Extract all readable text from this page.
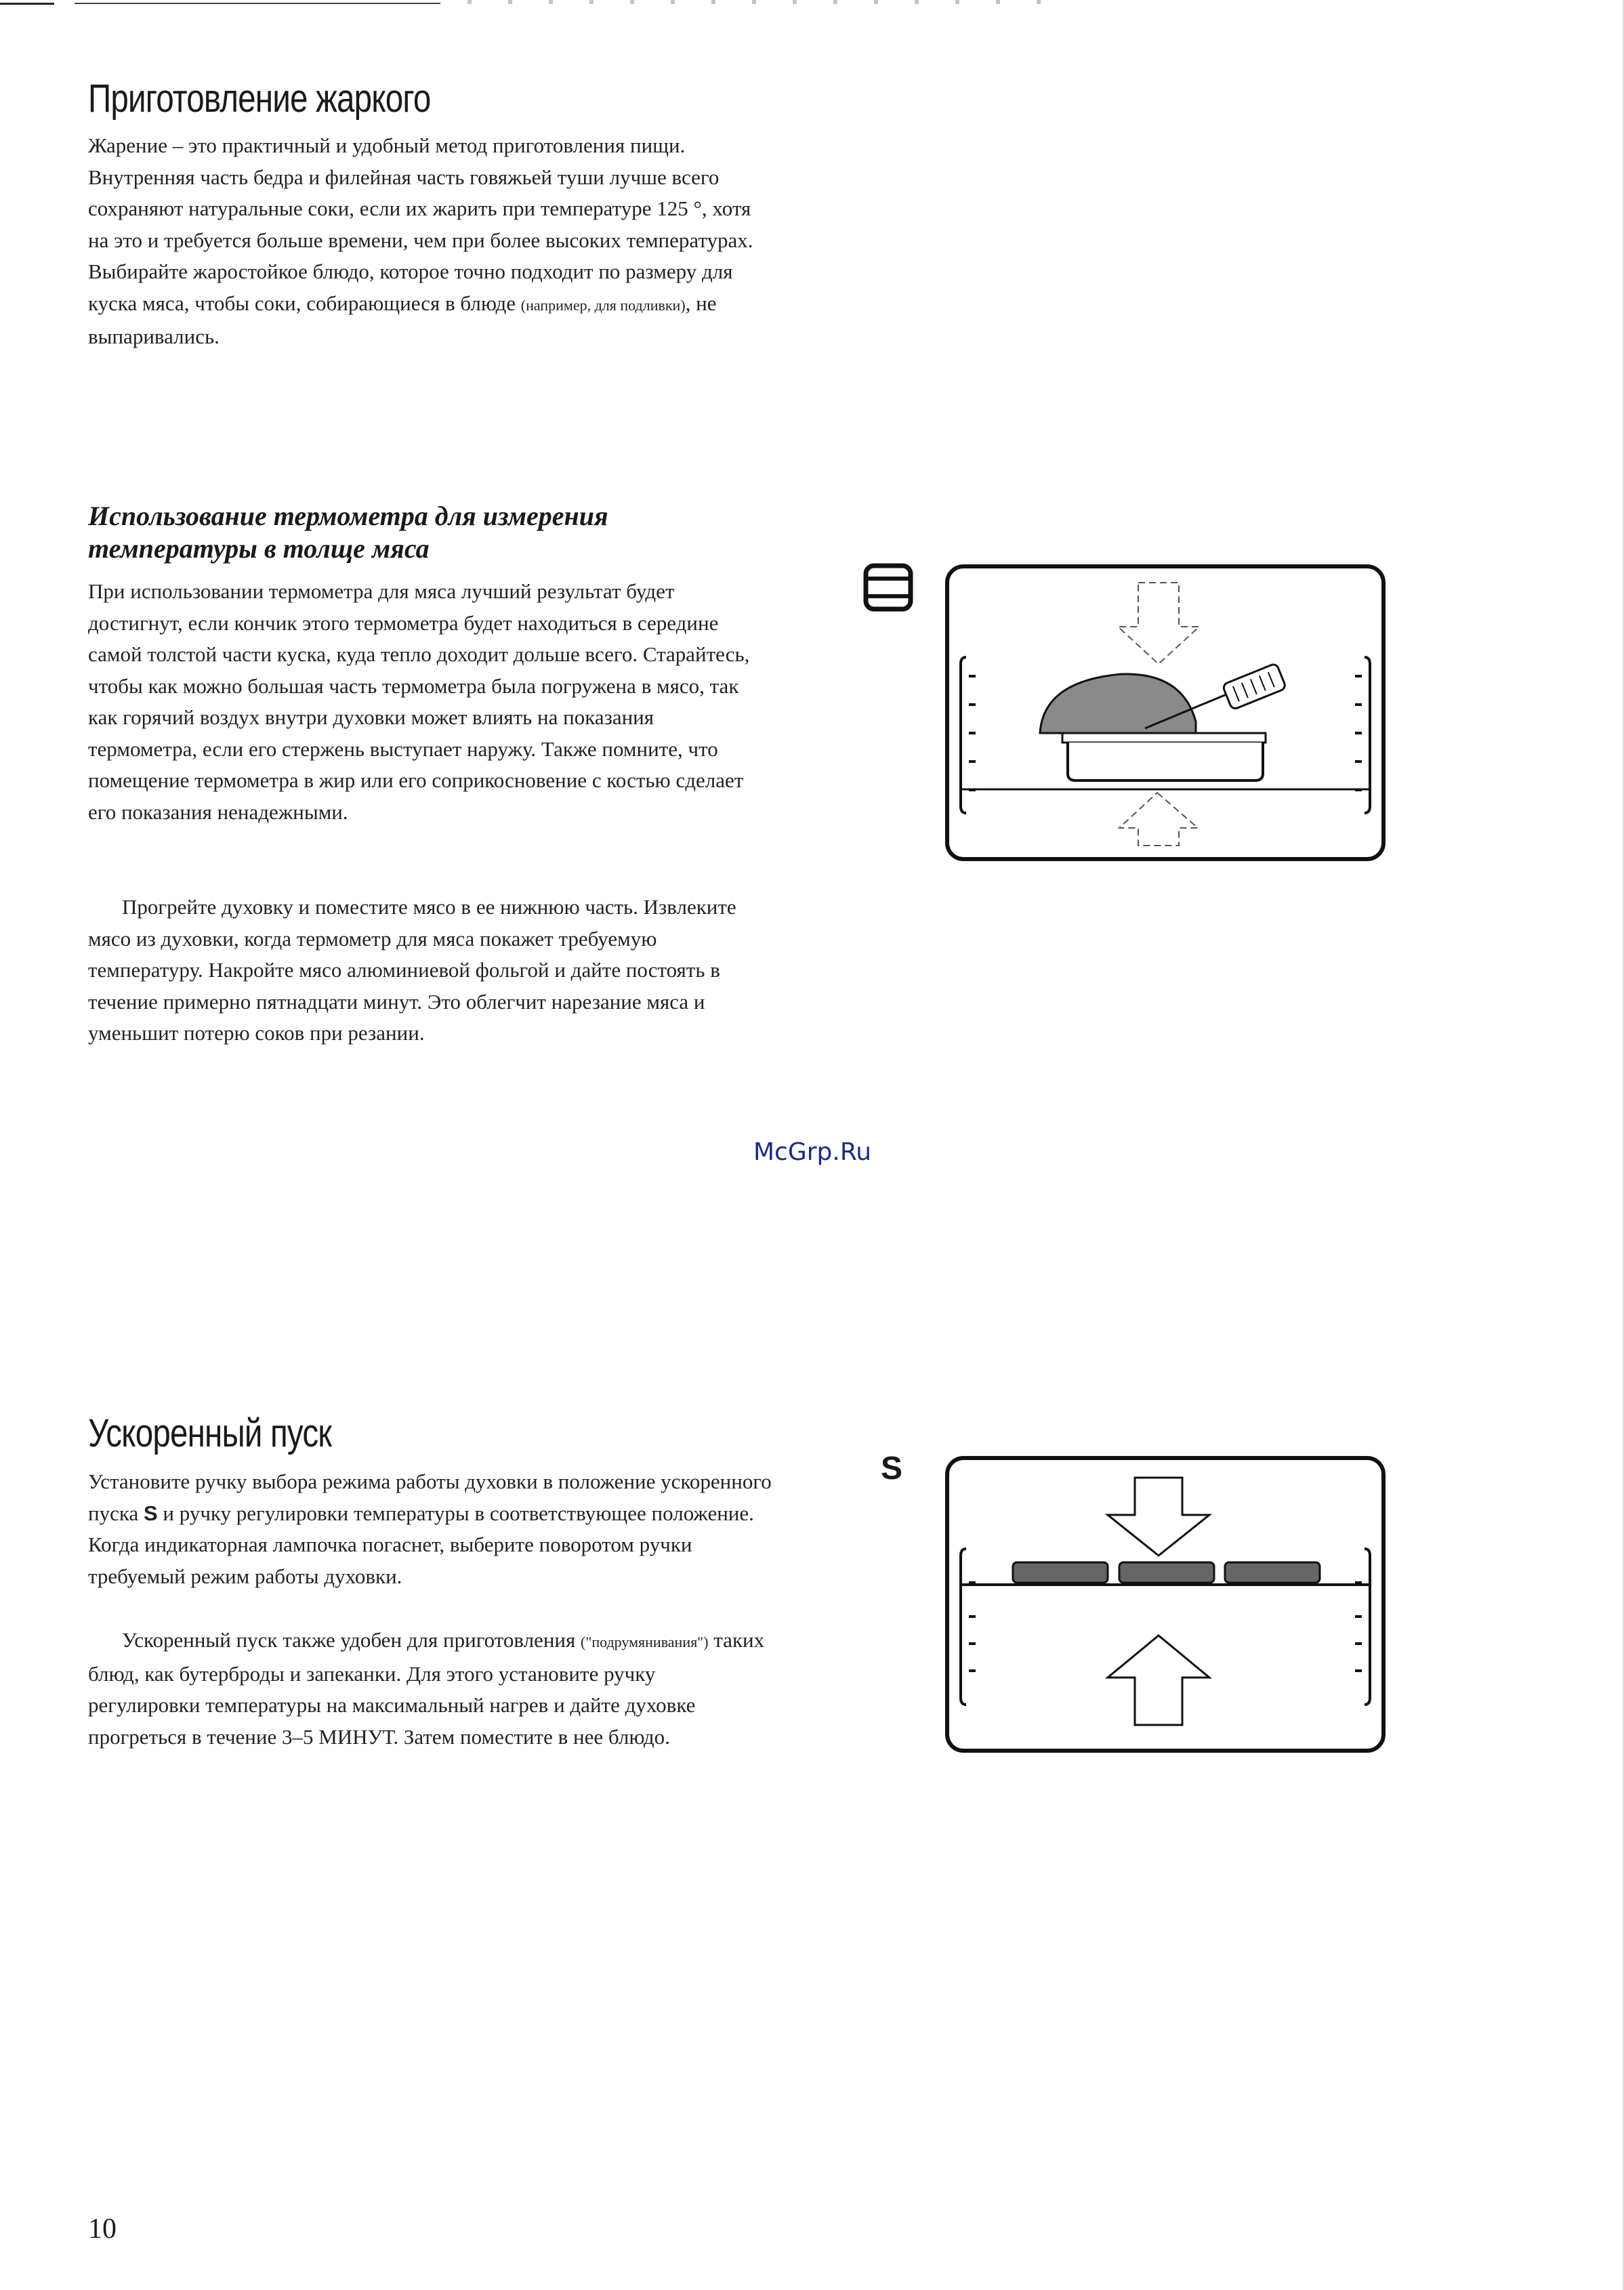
Приготовление жаркого

Жарение – это практичный и удобный метод приготовления пищи. Внутренняя часть бедра и филейная часть говяжьей туши лучше всего сохраняют натуральные соки, если их жарить при температуре 125 °, хотя на это и требуется больше времени, чем при более высоких температурах. Выбирайте жаростойкое блюдо, которое точно подходит по размеру для куска мяса, чтобы соки, собирающиеся в блюде (например, для подливки), не выпаривались.

Использование термометра для измерения температуры в толще мяса

При использовании термометра для мяса лучший результат будет достигнут, если кончик этого термометра будет находиться в середине самой толстой части куска, куда тепло доходит дольше всего. Старайтесь, чтобы как можно большая часть термометра была погружена в мясо, так как горячий воздух внутри духовки может влиять на показания термометра, если его стержень выступает наружу. Также помните, что помещение термометра в жир или его соприкосновение с костью сделает его показания ненадежными.

Прогрейте духовку и поместите мясо в ее нижнюю часть. Извлеките мясо из духовки, когда термометр для мяса покажет требуемую температуру. Накройте мясо алюминиевой фольгой и дайте постоять в течение примерно пятнадцати минут. Это облегчит нарезание мяса и уменьшит потерю соков при резании.

McGrp.Ru
Ускоренный пуск

Установите ручку выбора режима работы духовки в положение ускоренного пуска S и ручку регулировки температуры в соответствующее положение. Когда индикаторная лампочка погаснет, выберите поворотом ручки требуемый режим работы духовки.

Ускоренный пуск также удобен для приготовления ("подрумянивания") таких блюд, как бутерброды и запеканки. Для этого установите ручку регулировки температуры на максимальный нагрев и дайте духовке прогреться в течение 3–5 МИНУТ. Затем поместите в нее блюдо.

S
10
